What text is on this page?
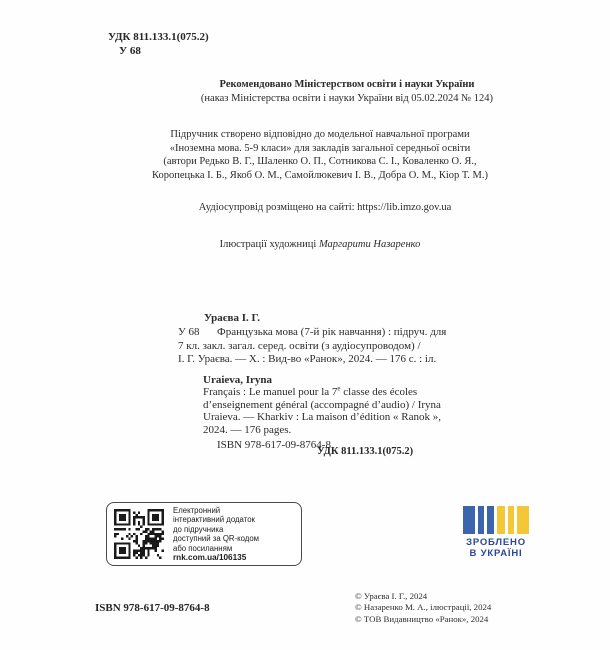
УДК 811.133.1(075.2)
У 68
Рекомендовано Міністерством освіти і науки України
(наказ Міністерства освіти і науки України від 05.02.2024 № 124)
Підручник створено відповідно до модельної навчальної програми
«Іноземна мова. 5-9 класи» для закладів загальної середньої освіти
(автори Редько В. Г., Шаленко О. П., Сотникова С. І., Коваленко О. Я.,
Коропецька І. Б., Якоб О. М., Самойлюкевич І. В., Добра О. М., Кіор Т. М.)
Аудіосупровід розміщено на сайті: https://lib.imzo.gov.ua
Ілюстрації художниці Маргарити Назаренко
Ураєва І. Г.
У 68 Французька мова (7-й рік навчання) : підруч. для
7 кл. закл. загал. серед. освіти (з аудіосупроводом) /
І. Г. Ураєва. — Х. : Вид-во «Ранок», 2024. — 176 с. : іл.
Uraieva, Iryna
Français : Le manuel pour la 7e classe des écoles
d’enseignement général (accompagné d’audio) / Iryna
Uraieva. — Kharkiv : La maison d’édition « Ranok »,
2024. — 176 pages.
ISBN 978-617-09-8764-8
УДК 811.133.1(075.2)
Електронний
інтерактивний додаток
до підручника
доступний за QR-кодом
або посиланням
rnk.com.ua/106135
ЗРОБЛЕНО
В УКРАЇНІ
ISBN 978-617-09-8764-8
© Ураєва І. Г., 2024
© Назаренко М. А., ілюстрації, 2024
© ТОВ Видавництво «Ранок», 2024
